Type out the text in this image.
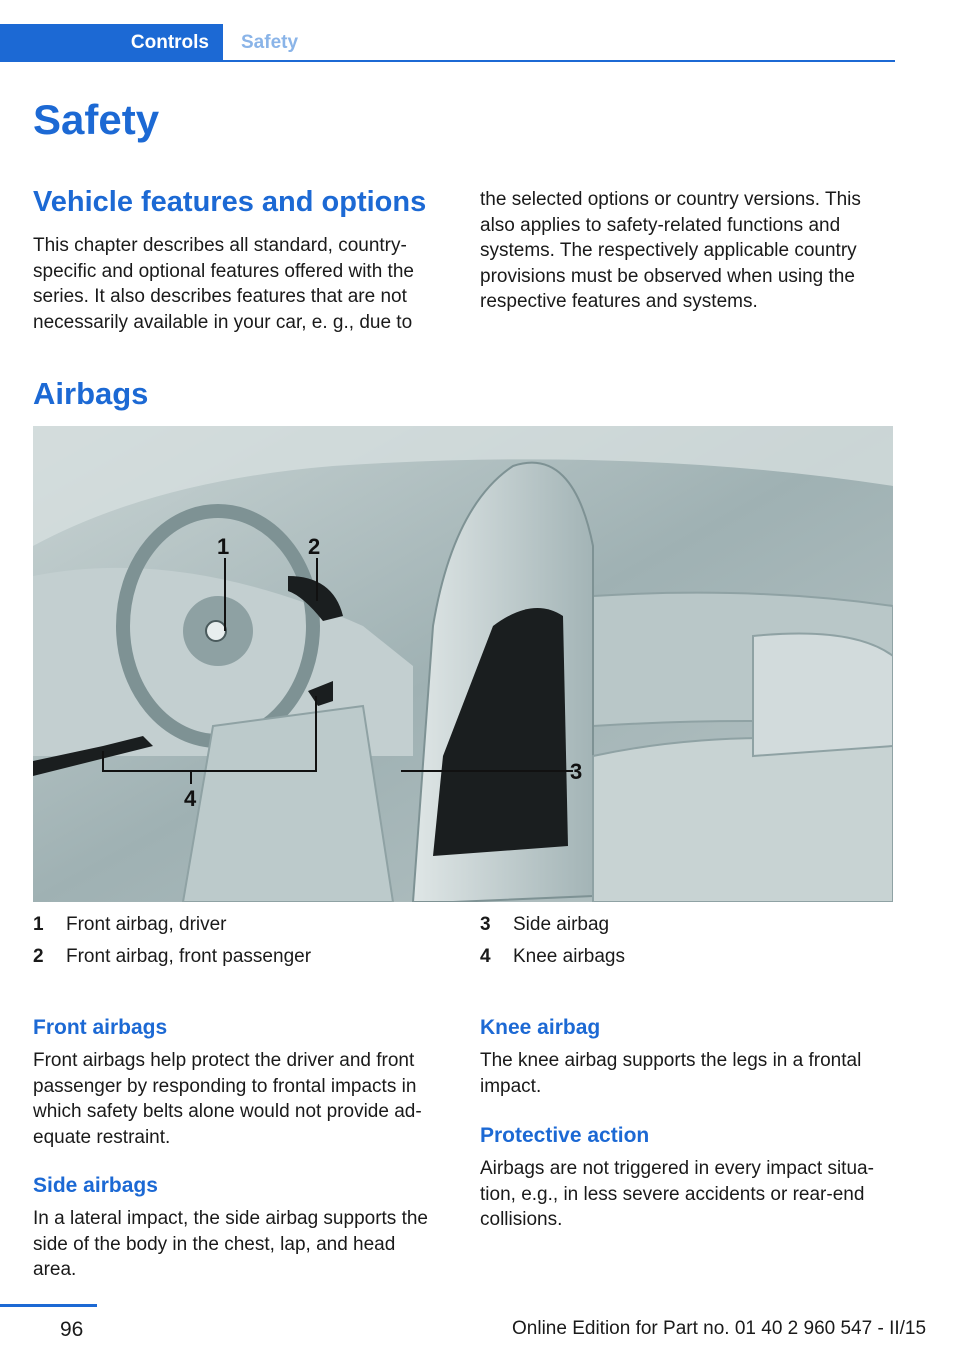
Controls	Safety
Safety
Vehicle features and options
This chapter describes all standard, country-
specific and optional features offered with the
series. It also describes features that are not
necessarily available in your car, e. g., due to
the selected options or country versions. This
also applies to safety-related functions and
systems. The respectively applicable country
provisions must be observed when using the
respective features and systems.
Airbags
1	2
3
4
1 Front airbag, driver
2 Front airbag, front passenger
3 Side airbag
4 Knee airbags
Front airbags
Front airbags help protect the driver and front
passenger by responding to frontal impacts in
which safety belts alone would not provide ad‐
equate restraint.
Side airbags
In a lateral impact, the side airbag supports the
side of the body in the chest, lap, and head
area.
Knee airbag
The knee airbag supports the legs in a frontal
impact.
Protective action
Airbags are not triggered in every impact situa‐
tion, e.g., in less severe accidents or rear-end
collisions.
96	Online Edition for Part no. 01 40 2 960 547 - II/15
